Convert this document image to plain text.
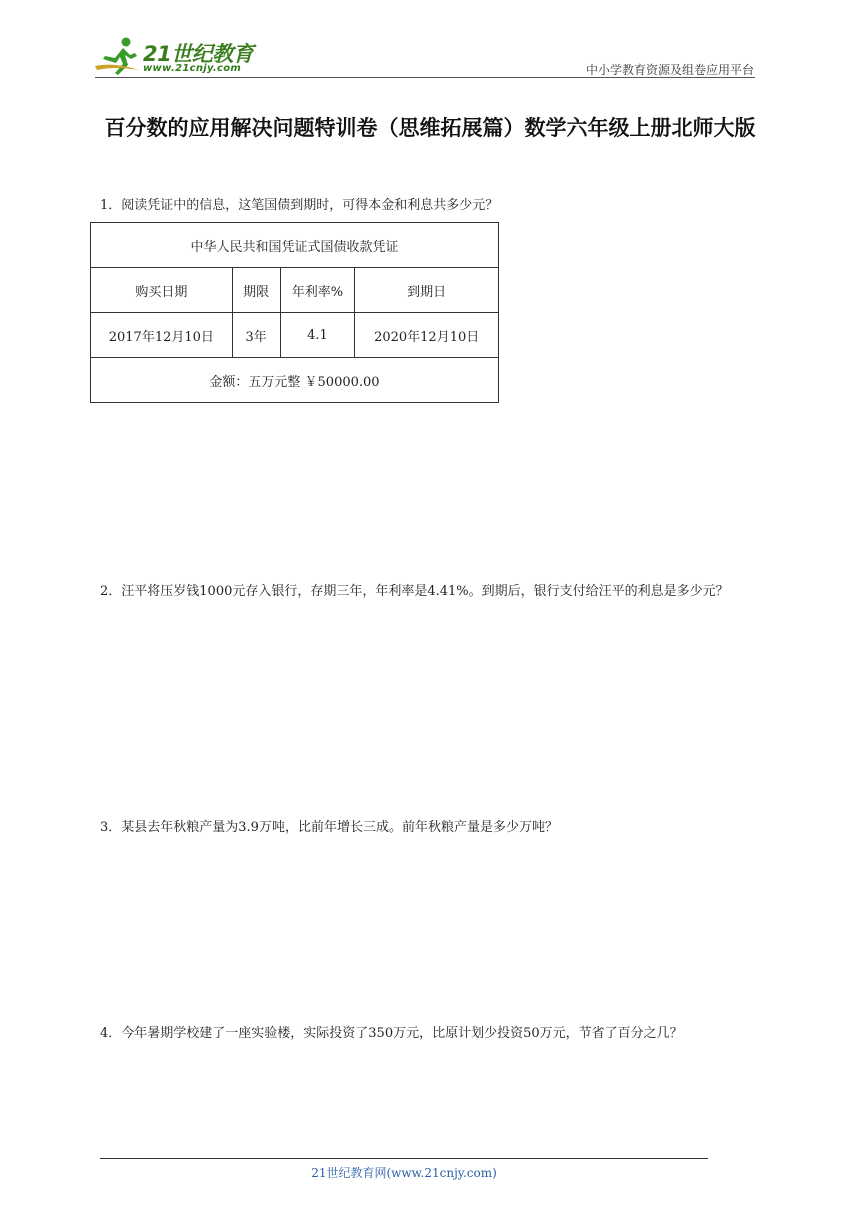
21世纪教育
www.21cnjy.com	中小学教育资源及组卷应用平台
百分数的应用解决问题特训卷（思维拓展篇）数学六年级上册北师大版
1．阅读凭证中的信息，这笔国债到期时，可得本金和利息共多少元？
中华人民共和国凭证式国债收款凭证			
购买日期	期限	年利率%	到期日
2017年12月10日	3年	4.1	2020年12月10日
金额：五万元整 ￥50000.00			
2．汪平将压岁钱1000元存入银行，存期三年，年利率是4.41%。到期后，银行支付给汪平的利息是多少元？
3．某县去年秋粮产量为3.9万吨，比前年增长三成。前年秋粮产量是多少万吨？
4．今年暑期学校建了一座实验楼，实际投资了350万元，比原计划少投资50万元，节省了百分之几？
21世纪教育网(www.21cnjy.com)
